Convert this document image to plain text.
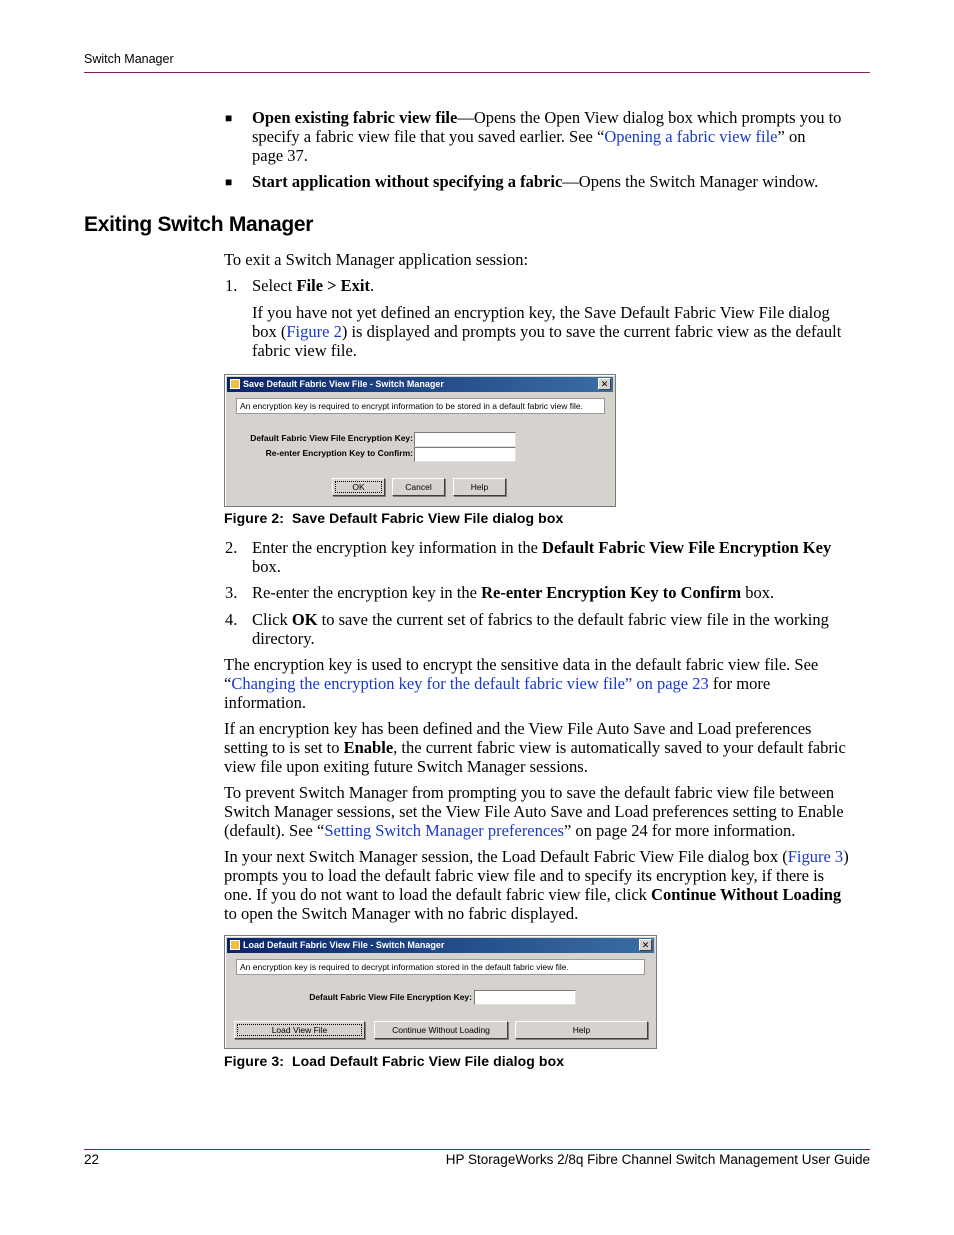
Switch Manager
■ Open existing fabric view file—Opens the Open View dialog box which prompts you to
specify a fabric view file that you saved earlier. See “Opening a fabric view file” on
page 37.
■ Start application without specifying a fabric—Opens the Switch Manager window.
Exiting Switch Manager
To exit a Switch Manager application session:
1. Select File > Exit.
If you have not yet defined an encryption key, the Save Default Fabric View File dialog
box (Figure 2) is displayed and prompts you to save the current fabric view as the default
fabric view file.
Save Default Fabric View File - Switch Manager	✕
An encryption key is required to encrypt information to be stored in a default fabric view file.
Default Fabric View File Encryption Key:
Re-enter Encryption Key to Confirm:
OK	Cancel	Help
Figure 2:  Save Default Fabric View File dialog box
2. Enter the encryption key information in the Default Fabric View File Encryption Key
box.
3. Re-enter the encryption key in the Re-enter Encryption Key to Confirm box.
4. Click OK to save the current set of fabrics to the default fabric view file in the working
directory.
The encryption key is used to encrypt the sensitive data in the default fabric view file. See
“Changing the encryption key for the default fabric view file” on page 23 for more
information.
If an encryption key has been defined and the View File Auto Save and Load preferences
setting to is set to Enable, the current fabric view is automatically saved to your default fabric
view file upon exiting future Switch Manager sessions.
To prevent Switch Manager from prompting you to save the default fabric view file between
Switch Manager sessions, set the View File Auto Save and Load preferences setting to Enable
(default). See “Setting Switch Manager preferences” on page 24 for more information.
In your next Switch Manager session, the Load Default Fabric View File dialog box (Figure 3)
prompts you to load the default fabric view file and to specify its encryption key, if there is
one. If you do not want to load the default fabric view file, click Continue Without Loading
to open the Switch Manager with no fabric displayed.
Load Default Fabric View File - Switch Manager	✕
An encryption key is required to decrypt information stored in the default fabric view file.
Default Fabric View File Encryption Key:
Load View File	Continue Without Loading	Help
Figure 3:  Load Default Fabric View File dialog box
22	HP StorageWorks 2/8q Fibre Channel Switch Management User Guide
